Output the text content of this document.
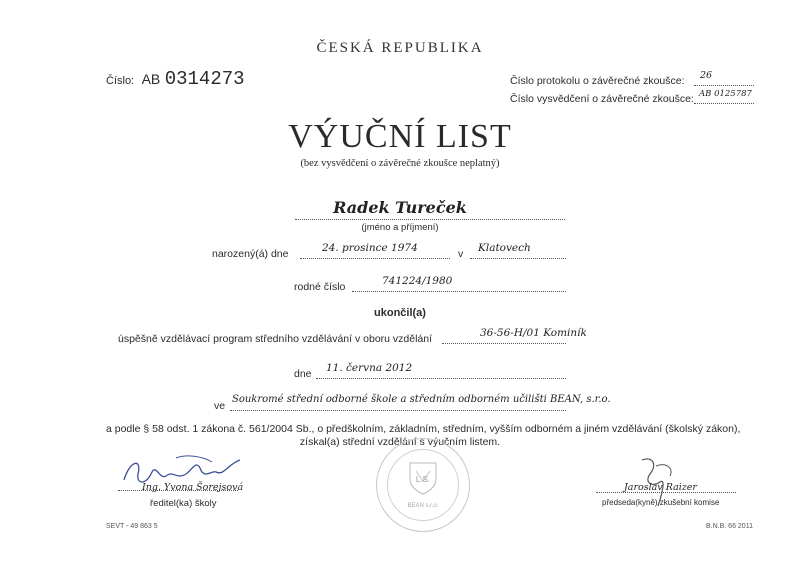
ČESKÁ REPUBLIKA
Číslo: AB 0314273	Číslo protokolu o závěrečné zkoušce: 26
Číslo vysvědčení o závěrečné zkoušce: AB 0125787
VÝUČNÍ LIST
(bez vysvědčení o závěrečné zkoušce neplatný)
Radek Tureček
(jméno a příjmení)
narozený(á) dne	24. prosince 1974	v Klatovech
rodné číslo	741224/1980
ukončil(a)
úspěšně vzdělávací program středního vzdělávání v oboru vzdělání	36-56-H/01 Kominík
dne 11. června 2012
ve
Soukromé střední odborné škole a středním odborném učilišti BEAN, s.r.o.
a podle § 58 odst. 1 zákona č. 561/2004 Sb., o předškolním, základním, středním, vyšším odborném a jiném vzdělávání (školský zákon),
získal(a) střední vzdělání s výučním listem.
Ing. Yvona Šorejsová
ředitel(ka) školy
L.S.
BEAN s.r.o.
Jaroslav Raizer
předseda(kyně) zkušební komise
SEVT - 49 863 5	B.N.B. 66 2011
